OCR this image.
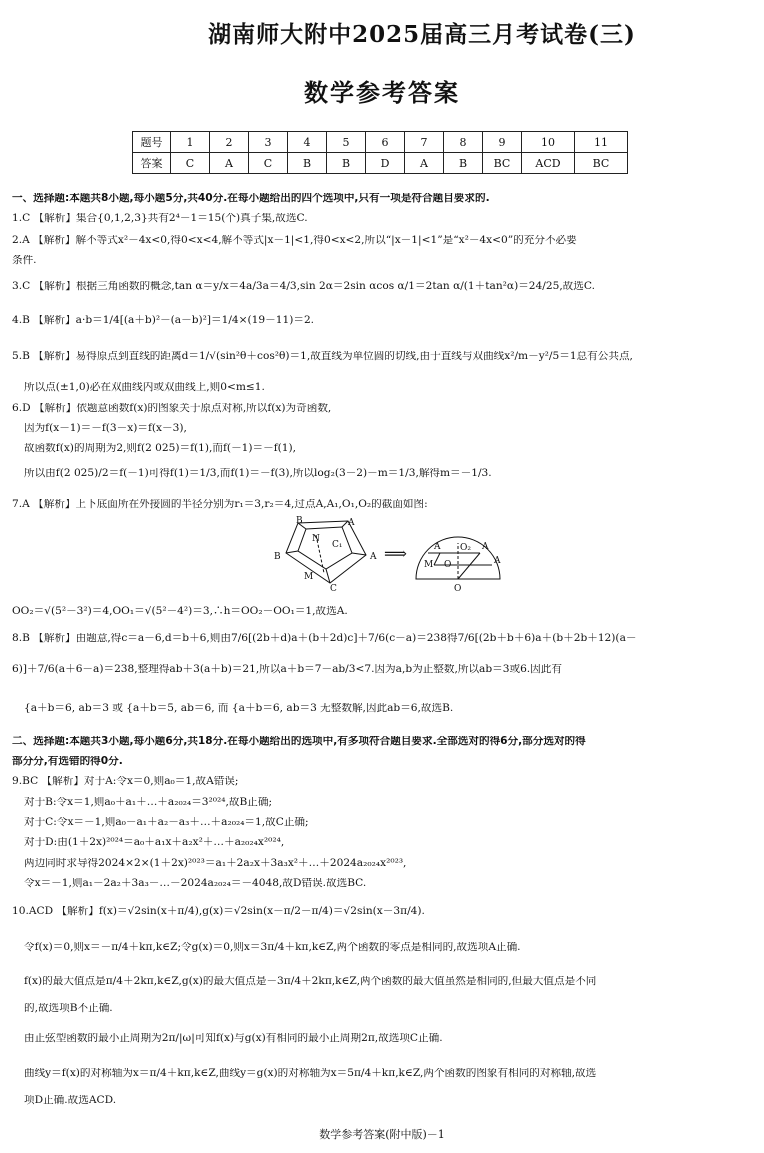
湖南师大附中2025届高三月考试卷(三)
数学参考答案
题号	1	2	3	4	5	6	7	8	9	10	11
答案	C	A	C	B	B	D	A	B	BC	ACD	BC
一、选择题:本题共8小题,每小题5分,共40分.在每小题给出的四个选项中,只有一项是符合题目要求的.
1.C 【解析】集合{0,1,2,3}共有2⁴－1＝15(个)真子集,故选C.
2.A 【解析】解不等式x²－4x<0,得0<x<4,解不等式|x－1|<1,得0<x<2,所以“|x－1|<1”是“x²－4x<0”的充分不必要
条件.
3.C 【解析】根据三角函数的概念,tan α＝y/x＝4a/3a＝4/3,sin 2α＝2sin αcos α/1＝2tan α/(1＋tan²α)＝24/25,故选C.
4.B 【解析】a·b＝1/4[(a＋b)²－(a－b)²]＝1/4×(19－11)＝2.
5.B 【解析】易得原点到直线的距离d＝1/√(sin²θ＋cos²θ)＝1,故直线为单位圆的切线,由于直线与双曲线x²/m－y²/5＝1总有公共点,
所以点(±1,0)必在双曲线内或双曲线上,则0<m≤1.
6.D 【解析】依题意函数f(x)的图象关于原点对称,所以f(x)为奇函数,
因为f(x－1)＝－f(3－x)＝f(x－3),
故函数f(x)的周期为2,则f(2 025)＝f(1),而f(－1)＝－f(1),
所以由f(2 025)/2＝f(－1)可得f(1)＝1/3,而f(1)＝－f(3),所以log₂(3－2)－m＝1/3,解得m＝－1/3.
7.A 【解析】上下底面所在外接圆的半径分别为r₁＝3,r₂＝4,过点A,A₁,O₁,O₂的截面如图:
OO₂＝√(5²－3²)＝4,OO₁＝√(5²－4²)＝3,∴h＝OO₂－OO₁＝1,故选A.
8.B 【解析】由题意,得c＝a－6,d＝b＋6,则由7/6[(2b＋d)a＋(b＋2d)c]＋7/6(c－a)＝238得7/6[(2b＋b＋6)a＋(b＋2b＋12)(a－
6)]＋7/6(a＋6－a)＝238,整理得ab＋3(a＋b)＝21,所以a＋b＝7－ab/3<7.因为a,b为正整数,所以ab＝3或6.因此有
{a＋b＝6, ab＝3 或 {a＋b＝5, ab＝6, 而 {a＋b＝6, ab＝3 无整数解,因此ab＝6,故选B.
二、选择题:本题共3小题,每小题6分,共18分.在每小题给出的选项中,有多项符合题目要求.全部选对的得6分,部分选对的得
部分分,有选错的得0分.
9.BC 【解析】对于A:令x＝0,则a₀＝1,故A错误;
对于B:令x＝1,则a₀＋a₁＋…＋a₂₀₂₄＝3²⁰²⁴,故B正确;
对于C:令x＝－1,则a₀－a₁＋a₂－a₃＋…＋a₂₀₂₄＝1,故C正确;
对于D:由(1＋2x)²⁰²⁴＝a₀＋a₁x＋a₂x²＋…＋a₂₀₂₄x²⁰²⁴,
两边同时求导得2024×2×(1＋2x)²⁰²³＝a₁＋2a₂x＋3a₃x²＋…＋2024a₂₀₂₄x²⁰²³,
令x＝－1,则a₁－2a₂＋3a₃－…－2024a₂₀₂₄＝－4048,故D错误.故选BC.
10.ACD 【解析】f(x)＝√2sin(x＋π/4),g(x)＝√2sin(x－π/2－π/4)＝√2sin(x－3π/4).
令f(x)＝0,则x＝－π/4＋kπ,k∈Z;令g(x)＝0,则x＝3π/4＋kπ,k∈Z,两个函数的零点是相同的,故选项A正确.
f(x)的最大值点是π/4＋2kπ,k∈Z,g(x)的最大值点是－3π/4＋2kπ,k∈Z,两个函数的最大值虽然是相同的,但最大值点是不同
的,故选项B不正确.
由正弦型函数的最小正周期为2π/|ω|可知f(x)与g(x)有相同的最小正周期2π,故选项C正确.
曲线y＝f(x)的对称轴为x＝π/4＋kπ,k∈Z,曲线y＝g(x)的对称轴为x＝5π/4＋kπ,k∈Z,两个函数的图象有相同的对称轴,故选
项D正确.故选ACD.
B	A
N
C₁
B	A
M
C
⟹	A O₂ A
M O	A
O
数学参考答案(附中版)－1
